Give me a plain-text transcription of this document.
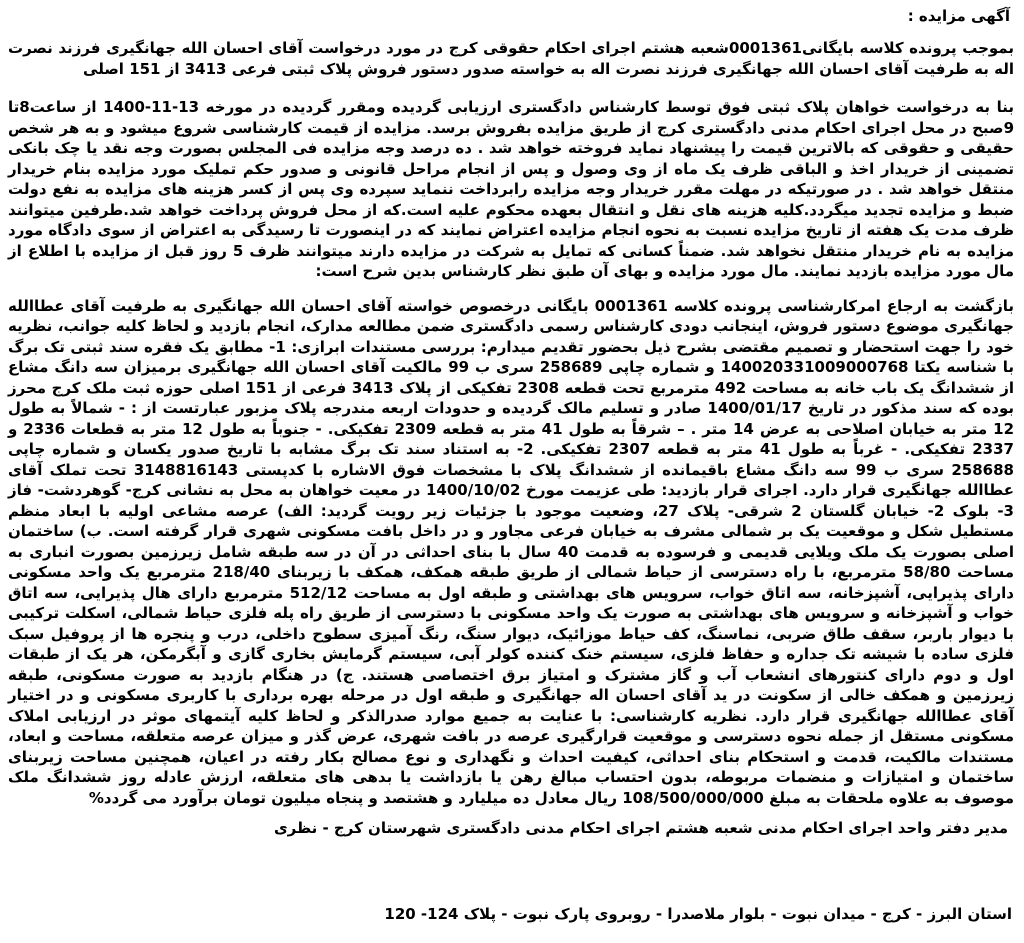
آگهی مزایده :
بموجب پرونده کلاسه بایگانی0001361شعبه هشتم اجرای احکام حقوقی کرج در مورد درخواست آقای احسان الله جهانگیری فرزند نصرت اله به طرفیت آقای احسان الله جهانگیری فرزند نصرت اله به خواسته صدور دستور فروش پلاک ثبتی فرعی 3413 از 151 اصلی
بنا به درخواست خواهان پلاک ثبتی فوق توسط کارشناس دادگستری ارزیابی گردیده ومقرر گردیده در مورخه 13-11-1400 از ساعت8تا 9صبح در محل اجرای احکام مدنی دادگستری کرج از طریق مزایده بفروش برسد. مزایده از قیمت کارشناسی شروع میشود و به هر شخص حقیقی و حقوقی که بالاترین قیمت را پیشنهاد نماید فروخته خواهد شد . ده درصد وجه مزایده فی المجلس بصورت وجه نقد یا چک بانکی تضمینی از خریدار اخذ و الباقی ظرف یک ماه از وی وصول و پس از انجام مراحل قانونی و صدور حکم تملیک مورد مزایده بنام خریدار منتقل خواهد شد . در صورتیکه در مهلت مقرر خریدار وجه مزایده رابرداخت ننماید سپرده وی پس از کسر هزینه های مزایده به نفع دولت ضبط و مزایده تجدید میگردد.کلیه هزینه های نقل و انتقال بعهده محکوم علیه است.که از محل فروش پرداخت خواهد شد.طرفین میتوانند ظرف مدت یک هفته از تاریخ مزایده نسبت به نحوه انجام مزایده اعتراض نمایند که در اینصورت تا رسیدگی به اعتراض از سوی دادگاه مورد مزایده به نام خریدار منتقل نخواهد شد. ضمناً کسانی که تمایل به شرکت در مزایده دارند میتوانند ظرف 5 روز قبل از مزایده با اطلاع از مال مورد مزایده بازدید نمایند. مال مورد مزایده و بهای آن طبق نظر کارشناس بدین شرح است:
بازگشت به ارجاع امرکارشناسی پرونده کلاسه 0001361 بایگانی درخصوص خواسته آقای احسان الله جهانگیری به طرفیت آقای عطاالله جهانگیری موضوع دستور فروش، اینجانب دودی کارشناس رسمی دادگستری ضمن مطالعه مدارک، انجام بازدید و لحاظ کلیه جوانب، نظریه خود را جهت استحضار و تصمیم مقتضی بشرح ذیل بحضور تقدیم میدارم: بررسی مستندات ابرازی: 1- مطابق یک فقره سند ثبتی تک برگ با شناسه یکتا 140020331009000768 و شماره چاپی 258689 سری ب 99 مالکیت آقای احسان الله جهانگیری برمیزان سه دانگ مشاع از ششدانگ یک باب خانه به مساحت 492 مترمربع تحت قطعه 2308 تفکیکی از پلاک 3413 فرعی از 151 اصلی حوزه ثبت ملک کرج محرز بوده که سند مذکور در تاریخ 1400/01/17 صادر و تسلیم مالک گردیده و حدودات اربعه مندرجه پلاک مزبور عبارتست از : - شمالاً به طول 12 متر به خیابان اصلاحی به عرض 14 متر . – شرقاً به طول 41 متر به قطعه 2309 تفکیکی. - جنوباً به طول 12 متر به قطعات 2336 و 2337 تفکیکی. - غرباً به طول 41 متر به قطعه 2307 تفکیکی. 2- به استناد سند تک برگ مشابه با تاریخ صدور یکسان و شماره چاپی 258688 سری ب 99 سه دانگ مشاع باقیمانده از ششدانگ پلاک با مشخصات فوق الاشاره با کدپستی 3148816143 تحت تملک آقای عطاالله جهانگیری قرار دارد. اجرای قرار بازدید: طی عزیمت مورخ 1400/10/02 در معیت خواهان به محل به نشانی کرج- گوهردشت- فاز 3- بلوک 2- خیابان گلستان 2 شرقی- پلاک 27، وضعیت موجود با جزئیات زیر رویت گردید: الف) عرصه مشاعی اولیه با ابعاد منظم مستطیل شکل و موقعیت یک بر شمالی مشرف به خیابان فرعی مجاور و در داخل بافت مسکونی شهری قرار گرفته است. ب) ساختمان اصلی بصورت یک ملک ویلایی قدیمی و فرسوده به قدمت 40 سال با بنای احداثی در آن در سه طبقه شامل زیرزمین بصورت انباری به مساحت 58/80 مترمربع، با راه دسترسی از حیاط شمالی از طریق طبقه همکف، همکف با زیربنای 218/40 مترمربع یک واحد مسکونی دارای پذیرایی، آشپزخانه، سه اتاق خواب، سرویس های بهداشتی و طبقه اول به مساحت 512/12 مترمربع دارای هال پذیرایی، سه اتاق خواب و آشپزخانه و سرویس های بهداشتی به صورت یک واحد مسکونی با دسترسی از طریق راه پله فلزی حیاط شمالی، اسکلت ترکیبی با دیوار باربر، سقف طاق ضربی، نماسنگ، کف حیاط موزائیک، دیوار سنگ، رنگ آمیزی سطوح داخلی، درب و پنجره ها از پروفیل سبک فلزی ساده با شیشه تک جداره و حفاظ فلزی، سیستم خنک کننده کولر آبی، سیستم گرمایش بخاری گازی و آبگرمکن، هر یک از طبقات اول و دوم دارای کنتورهای انشعاب آب و گاز مشترک و امتیاز برق اختصاصی هستند. ج) در هنگام بازدید به صورت مسکونی، طبقه زیرزمین و همکف خالی از سکونت در ید آقای احسان اله جهانگیری و طبقه اول در مرحله بهره برداری با کاربری مسکونی و در اختیار آقای عطاالله جهانگیری قرار دارد. نظریه کارشناسی: با عنایت به جمیع موارد صدرالذکر و لحاظ کلیه آیتمهای موثر در ارزیابی املاک مسکونی مستقل از جمله نحوه دسترسی و موقعیت قرارگیری عرصه در بافت شهری، عرض گذر و میزان عرصه متعلقه، مساحت و ابعاد، مستندات مالکیت، قدمت و استحکام بنای احداثی، کیفیت احداث و نگهداری و نوع مصالح بکار رفته در اعیان، همچنین مساحت زیربنای ساختمان و امتیازات و منضمات مربوطه، بدون احتساب مبالغ رهن یا بازداشت یا بدهی های متعلقه، ارزش عادله روز ششدانگ ملک موصوف به علاوه ملحقات به مبلغ 108/500/000/000 ریال معادل ده میلیارد و هشتصد و پنجاه میلیون تومان برآورد می گردد%
مدیر دفتر واحد اجرای احکام مدنی شعبه هشتم اجرای احکام مدنی دادگستری شهرستان کرج - نظری
استان البرز - کرج - میدان نبوت - بلوار ملاصدرا - روبروی پارک نبوت - پلاک 124- 120
